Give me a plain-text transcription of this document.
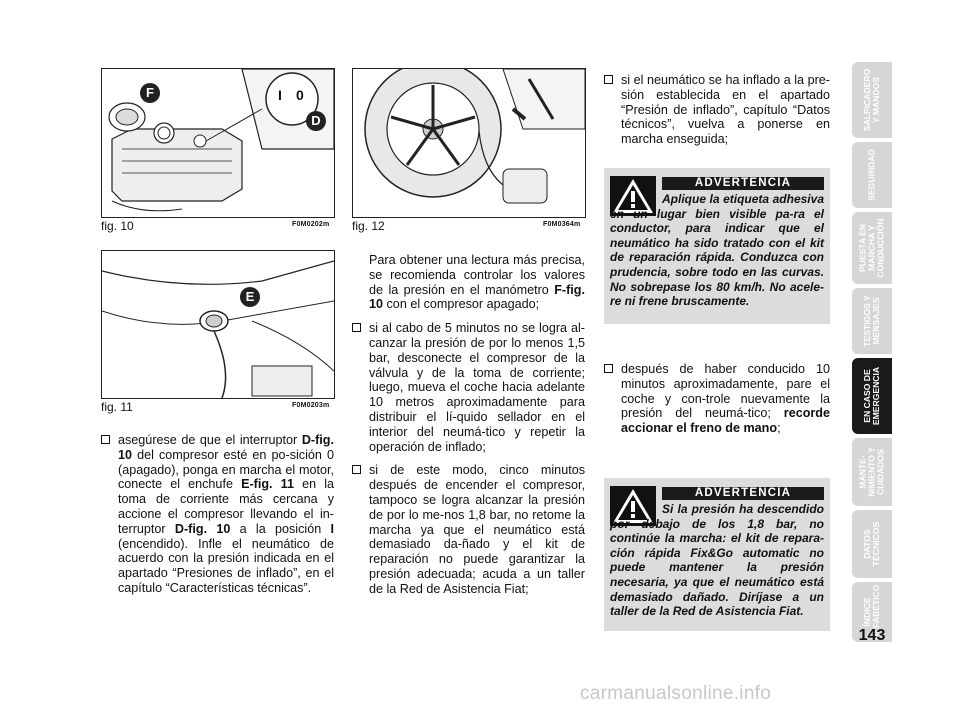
F
D
I 0
fig. 10	F0M0202m
E
fig. 11	F0M0203m
fig. 12	F0M0364m
asegúrese de que el interruptor D-fig. 10 del compresor esté en po-sición 0 (apagado), ponga en marcha el motor, conecte el enchufe E-fig. 11 en la toma de corriente más cercana y accione el compresor llevando el in-terruptor D-fig. 10 a la posición I (encendido). Infle el neumático de acuerdo con la presión indicada en el apartado “Presiones de inflado”, en el capítulo “Características técnicas”.
Para obtener una lectura más precisa, se recomienda controlar los valores de la presión en el manómetro F-fig. 10 con el compresor apagado;
si al cabo de 5 minutos no se logra al-canzar la presión de por lo menos 1,5 bar, desconecte el compresor de la válvula y de la toma de corriente; luego, mueva el coche hacia adelante 10 metros aproximadamente para distribuir el lí-quido sellador en el interior del neumá-tico y repetir la operación de inflado;
si de este modo, cinco minutos después de encender el compresor, tampoco se logra alcanzar la presión de por lo me-nos 1,8 bar, no retome la marcha ya que el neumático está demasiado da-ñado y el kit de reparación no puede garantizar la presión adecuada; acuda a un taller de la Red de Asistencia Fiat;
si el neumático se ha inflado a la pre-sión establecida en el apartado “Presión de inflado”, capítulo “Datos técnicos”, vuelva a ponerse en marcha enseguida;
ADVERTENCIA
Aplique la etiqueta adhesiva en un lugar bien visible pa-ra el conductor, para indicar que el neumático ha sido tratado con el kit de reparación rápida. Conduzca con prudencia, sobre todo en las curvas. No sobrepase los 80 km/h. No acele-re ni frene bruscamente.
después de haber conducido 10 minutos aproximadamente, pare el coche y con-trole nuevamente la presión del neumá-tico; recorde accionar el freno de mano;
ADVERTENCIA
Si la presión ha descendido por debajo de los 1,8 bar, no continúe la marcha: el kit de repara-ción rápida Fix&Go automatic no puede mantener la presión necesaria, ya que el neumático está demasiado dañado. Diríjase a un taller de la Red de Asistencia Fiat.
SALPICADERO Y MANDOS
SEGURIDAD
PUESTA EN MARCHA Y CONDUCCIÓN
TESTIGOS Y MENSAJES
EN CASO DE EMERGENCIA
MANTE-NIMIENTO Y CUIDADOS
DATOS TÉCNICOS
ÍNDICE ALFABÉTICO
143
carmanualsonline.info
